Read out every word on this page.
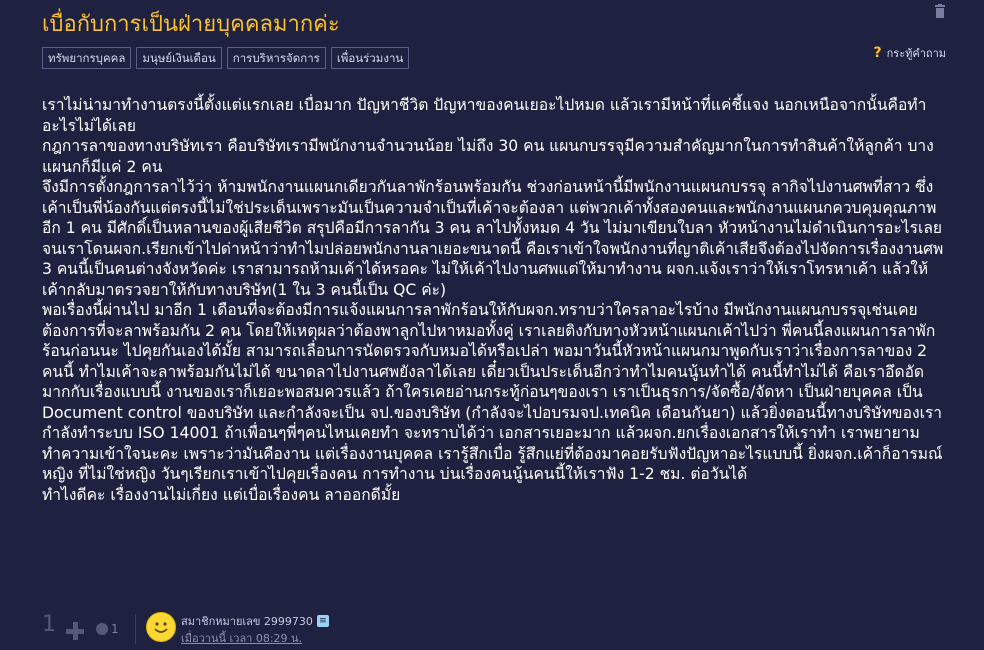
เบื่อกับการเป็นฝ่ายบุคคลมากค่ะ
ทรัพยากรบุคคล	มนุษย์เงินเดือน	การบริหารจัดการ	เพื่อนร่วมงาน	? กระทู้คำถาม

เราไม่น่ามาทำงานตรงนี้ตั้งแต่แรกเลย เบื่อมาก ปัญหาชีวิต ปัญหาของคนเยอะไปหมด แล้วเรามีหน้าที่แค่ชี้แจง นอกเหนือจากนั้นคือทำอะไรไม่ได้เลย

กฎการลาของทางบริษัทเรา คือบริษัทเรามีพนักงานจำนวนน้อย ไม่ถึง 30 คน แผนกบรรจุมีความสำคัญมากในการทำสินค้าให้ลูกค้า บางแผนกก็มีแค่ 2 คน

จึงมีการตั้งกฎการลาไว้ว่า ห้ามพนักงานแผนกเดียวกันลาพักร้อนพร้อมกัน ช่วงก่อนหน้านี้มีพนักงานแผนกบรรจุ ลากิจไปงานศพที่สาว ซึ่งเค้าเป็นพี่น้องกันแต่ตรงนี้ไม่ใช่ประเด็นเพราะมันเป็นความจำเป็นที่เค้าจะต้องลา แต่พวกเค้าทั้งสองคนและพนักงานแผนกควบคุมคุณภาพอีก 1 คน มีศักดิ์เป็นหลานของผู้เสียชีวิต สรุปคือมีการลากัน 3 คน ลาไปทั้งหมด 4 วัน ไม่มาเขียนใบลา หัวหน้างานไม่ดำเนินการอะไรเลย จนเราโดนผจก.เรียกเข้าไปด่าหน้าว่าทำไมปล่อยพนักงานลาเยอะขนาดนี้ คือเราเข้าใจพนักงานที่ญาติเค้าเสียจึงต้องไปจัดการเรื่องงานศพ 3 คนนี้เป็นคนต่างจังหวัดค่ะ เราสามารถห้ามเค้าได้หรอคะ ไม่ให้เค้าไปงานศพแต่ให้มาทำงาน ผจก.แจ้งเราว่าให้เราโทรหาเค้า แล้วให้เค้ากลับมาตรวจยาให้กับทางบริษัท(1 ใน 3 คนนี้เป็น QC ค่ะ)

พอเรื่องนี้ผ่านไป มาอีก 1 เดือนที่จะต้องมีการแจ้งแผนการลาพักร้อนให้กับผจก.ทราบว่าใครลาอะไรบ้าง มีพนักงานแผนกบรรจุเช่นเคย ต้องการที่จะลาพร้อมกัน 2 คน โดยให้เหตุผลว่าต้องพาลูกไปหาหมอทั้งคู่ เราเลยติงกับทางหัวหน้าแผนกเค้าไปว่า พี่คนนี้ลงแผนการลาพักร้อนก่อนนะ ไปคุยกันเองได้มั้ย สามารถเลื่อนการนัดตรวจกับหมอได้หรือเปล่า พอมาวันนี้หัวหน้าแผนกมาพูดกับเราว่าเรื่องการลาของ 2 คนนี้ ทำไมเค้าจะลาพร้อมกันไม่ได้ ขนาดลาไปงานศพยังลาได้เลย เดี๋ยวเป็นประเด็นอีกว่าทำไมคนนู้นทำได้ คนนี้ทำไม่ได้ คือเราอึดอัดมากกับเรื่องแบบนี้ งานของเราก็เยอะพอสมควรแล้ว ถ้าใครเคยอ่านกระทู้ก่อนๆของเรา เราเป็นธุรการ/จัดซื้อ/จัดหา เป็นฝ่ายบุคคล เป็น Document control ของบริษัท และกำลังจะเป็น จป.ของบริษัท (กำลังจะไปอบรมจป.เทคนิค เดือนกันยา) แล้วยิ่งตอนนี้ทางบริษัทของเรากำลังทำระบบ ISO 14001 ถ้าเพื่อนๆพี่ๆคนไหนเคยทำ จะทราบได้ว่า เอกสารเยอะมาก แล้วผจก.ยกเรื่องเอกสารให้เราทำ เราพยายามทำความเข้าใจนะคะ เพราะว่ามันคืองาน แต่เรื่องงานบุคคล เรารู้สึกเบื่อ รู้สึกแย่ที่ต้องมาคอยรับฟังปัญหาอะไรแบบนี้ ยิ่งผจก.เค้าก็อารมณ์ หญิง ที่ไม่ใช่หญิง วันๆเรียกเราเข้าไปคุยเรื่องคน การทำงาน บ่นเรื่องคนนู้นคนนี้ให้เราฟัง 1-2 ชม. ต่อวันได้

ทำไงดีคะ เรื่องงานไม่เกี่ยง แต่เบื่อเรื่องคน ลาออกดีมั้ย

1	1
สมาชิกหมายเลข 2999730 ≡
เมื่อวานนี้ เวลา 08:29 น.
